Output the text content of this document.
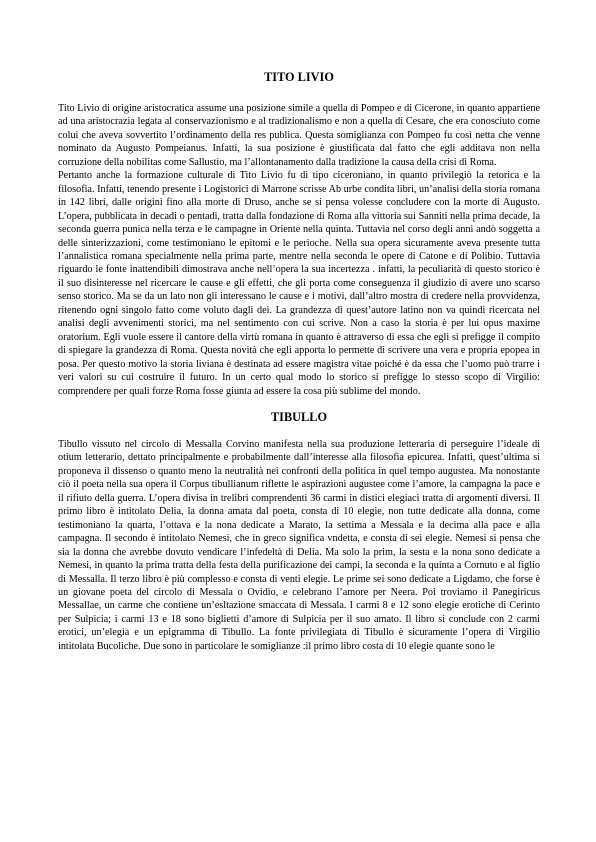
TITO LIVIO

Tito Livio di origine aristocratica assume una posizione simile a quella di Pompeo e di Cicerone, in quanto appartiene ad una aristocrazia legata al conservazionismo e al tradizionalismo e non a quella di Cesare, che era conosciuto come colui che aveva sovvertito l’ordinamento della res publica. Questa somiglianza con Pompeo fu così netta che venne nominato da Augusto Pompeianus. Infatti, la sua posizione è giustificata dal fatto che egli additava non nella corruzione della nobilitas come Sallustio, ma l’allontanamento dalla tradizione la causa della crisi di Roma.

Pertanto anche la formazione culturale di Tito Livio fu di tipo ciceroniano, in quanto privilegiò la retorica e la filosofia. Infatti, tenendo presente i Logistorici di Marrone scrisse Ab urbe condita libri, un’analisi della storia romana in 142 libri, dalle origini fino alla morte di Druso, anche se si pensa volesse concludere con la morte di Augusto. L’opera, pubblicata in decadi o pentadi, tratta dalla fondazione di Roma alla vittoria sui Sanniti nella prima decade, la seconda guerra punica nella terza e le campagne in Oriente nella quinta. Tuttavia nel corso degli anni andò soggetta a delle sinterizzazioni, come testimoniano le epitomi e le perioche. Nella sua opera sicuramente aveva presente tutta l’annalistica romana specialmente nella prima parte, mentre nella seconda le opere di Catone e di Polibio. Tuttavia riguardo le fonte inattendibili dimostrava anche nell’opera la sua incertezza . infatti, la peculiarità di questo storico è il suo disinteresse nel ricercare le cause e gli effetti, che gli porta come conseguenza il giudizio di avere uno scarso senso storico. Ma se da un lato non gli interessano le cause e i motivi, dall’altro mostra di credere nella provvidenza, ritenendo ogni singolo fatto come voluto dagli dei. La grandezza di quest’autore latino non va quindi ricercata nel analisi degli avvenimenti storici, ma nel sentimento con cui scrive. Non a caso la storia è per lui opus maxime oratorium. Egli vuole essere il cantore della virtù romana in quanto è attraverso di essa che egli si prefigge il compito di spiegare la grandezza di Roma. Questa novità che egli apporta lo permette di scrivere una vera e propria epopea in posa. Per questo motivo la storia liviana è destinata ad essere magistra vitae poiché è da essa che l’uomo può trarre i veri valori su cui costruire il futuro. In un certo qual modo lo storico si prefigge lo stesso scopo di Virgilio: comprendere per quali forze Roma fosse giunta ad essere la cosa più sublime del mondo.

TIBULLO

Tibullo vissuto nel circolo di Messalla Corvino manifesta nella sua produzione letteraria di perseguire l’ideale di otium letterario, dettato principalmente e probabilmente dall’interesse alla filosofia epicurea. Infatti, quest’ultima si proponeva il dissenso o quanto meno la neutralità nei confronti della politica in quel tempo augustea. Ma nonostante ciò il poeta nella sua opera il Corpus tibullianum riflette le aspirazioni augustee come l’amore, la campagna la pace e il rifiuto della guerra. L’opera divisa in trelibri comprendenti 36 carmi in distici elegiaci tratta di argomenti diversi. Il primo libro è intitolato Delia, la donna amata dal poeta, consta di 10 elegie, non tutte dedicate alla donna, come testimoniano la quarta, l’ottava e la nona dedicate a Marato, la settima a Messala e la decima alla pace e alla campagna. Il secondo è intitolato Nemesi, che in greco significa vndetta, e consta di sei elegie. Nemesi si pensa che sia la donna che avrebbe dovuto vendicare l’infedeltà di Delia. Ma solo la prim, la sesta e la nona sono dedicate a Nemesi, in quanto la prima tratta della festa della purificazione dei campi, la seconda e la quinta a Cornuto e al figlio di Messalla. Il terzo libro è più complesso e consta di venti elegie. Le prime sei sono dedicate a Ligdamo, che forse è un giovane poeta del circolo di Messala o Ovidio, e celebrano l’amore per Neera. Poi troviamo il Panegiricus Messallae, un carme che contiene un’esltazione smaccata di Messala. I carmi 8 e 12 sono elegie erotiche di Cerinto per Sulpicia; i carmi 13 e 18 sono biglietti d’amore di Sulpicia per il suo amato. Il libro si conclude con 2 carmi erotici, un’elegia e un epigramma di Tibullo. La fonte privilegiata di Tibullo è sicuramente l’opera di Virgilio intitolata Bucoliche. Due sono in particolare le somiglianze :il primo libro costa di 10 elegie quante sono le
